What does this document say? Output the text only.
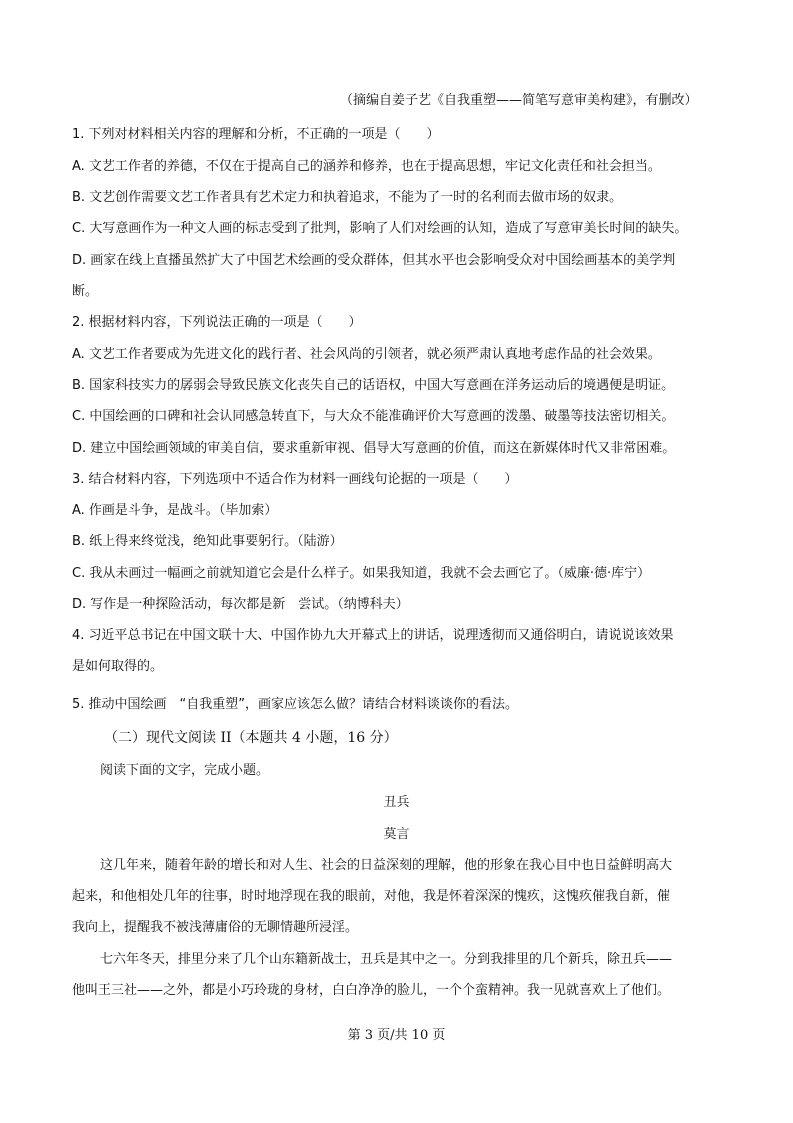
（摘编自姜子艺《自我重塑——简笔写意审美构建》，有删改）
1. 下列对材料相关内容的理解和分析，不正确的一项是（　　）
A. 文艺工作者的养德，不仅在于提高自己的涵养和修养，也在于提高思想，牢记文化责任和社会担当。
B. 文艺创作需要文艺工作者具有艺术定力和执着追求，不能为了一时的名利而去做市场的奴隶。
C. 大写意画作为一种文人画的标志受到了批判，影响了人们对绘画的认知，造成了写意审美长时间的缺失。
D. 画家在线上直播虽然扩大了中国艺术绘画的受众群体，但其水平也会影响受众对中国绘画基本的美学判
断。
2. 根据材料内容，下列说法正确的一项是（　　）
A. 文艺工作者要成为先进文化的践行者、社会风尚的引领者，就必须严肃认真地考虑作品的社会效果。
B. 国家科技实力的孱弱会导致民族文化丧失自己的话语权，中国大写意画在洋务运动后的境遇便是明证。
C. 中国绘画的口碑和社会认同感急转直下，与大众不能准确评价大写意画的泼墨、破墨等技法密切相关。
D. 建立中国绘画领域的审美自信，要求重新审视、倡导大写意画的价值，而这在新媒体时代又非常困难。
3. 结合材料内容，下列选项中不适合作为材料一画线句论据的一项是（　　）
A. 作画是斗争，是战斗。（毕加索）
B. 纸上得来终觉浅，绝知此事要躬行。（陆游）
C. 我从未画过一幅画之前就知道它会是什么样子。如果我知道，我就不会去画它了。（威廉·德·库宁）
D. 写作是一种探险活动，每次都是新　尝试。（纳博科夫）
4. 习近平总书记在中国文联十大、中国作协九大开幕式上的讲话，说理透彻而又通俗明白，请说说该效果
是如何取得的。
5. 推动中国绘画　“自我重塑”，画家应该怎么做？请结合材料谈谈你的看法。
（二）现代文阅读 II（本题共 4 小题，16 分）
阅读下面的文字，完成小题。
丑兵
莫言
这几年来，随着年龄的增长和对人生、社会的日益深刻的理解，他的形象在我心目中也日益鲜明高大
起来，和他相处几年的往事，时时地浮现在我的眼前，对他，我是怀着深深的愧疚，这愧疚催我自新，催
我向上，提醒我不被浅薄庸俗的无聊情趣所浸淫。
七六年冬天，排里分来了几个山东籍新战士，丑兵是其中之一。分到我排里的几个新兵，除丑兵——
他叫王三社——之外，都是小巧玲珑的身材，白白净净的脸儿，一个个蛮精神。我一见就喜欢上了他们。
第 3 页/共 10 页
